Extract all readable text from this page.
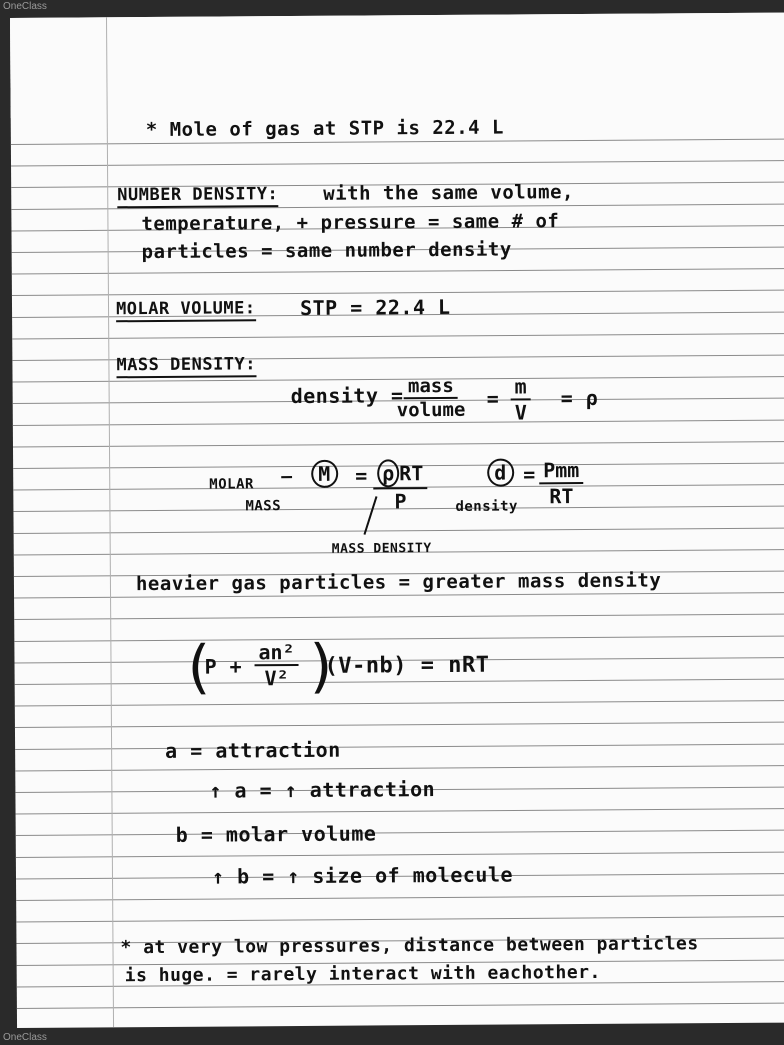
OneClass
* Mole of gas at STP is 22.4 L
NUMBER DENSITY: with the same volume,
temperature, + pressure = same # of
particles = same number density
MOLAR VOLUME: STP = 22.4 L
MASS DENSITY:
density = mass
volume = $\frac{m}{V} = \rho$
MOLAR
MASS
—	M	= ρ RT
P
d = Pmm
RT
density
MASS DENSITY
heavier gas particles = greater mass density
(
$P + \frac{\text{an²}}{\text{V²}}$ )
(V-nb) = nRT
a = attraction
↑ a = ↑ attraction
b = molar volume
↑ b = ↑ size of molecule
* at very low pressures, distance between particles
is huge. = rarely interact with eachother.
OneClass
